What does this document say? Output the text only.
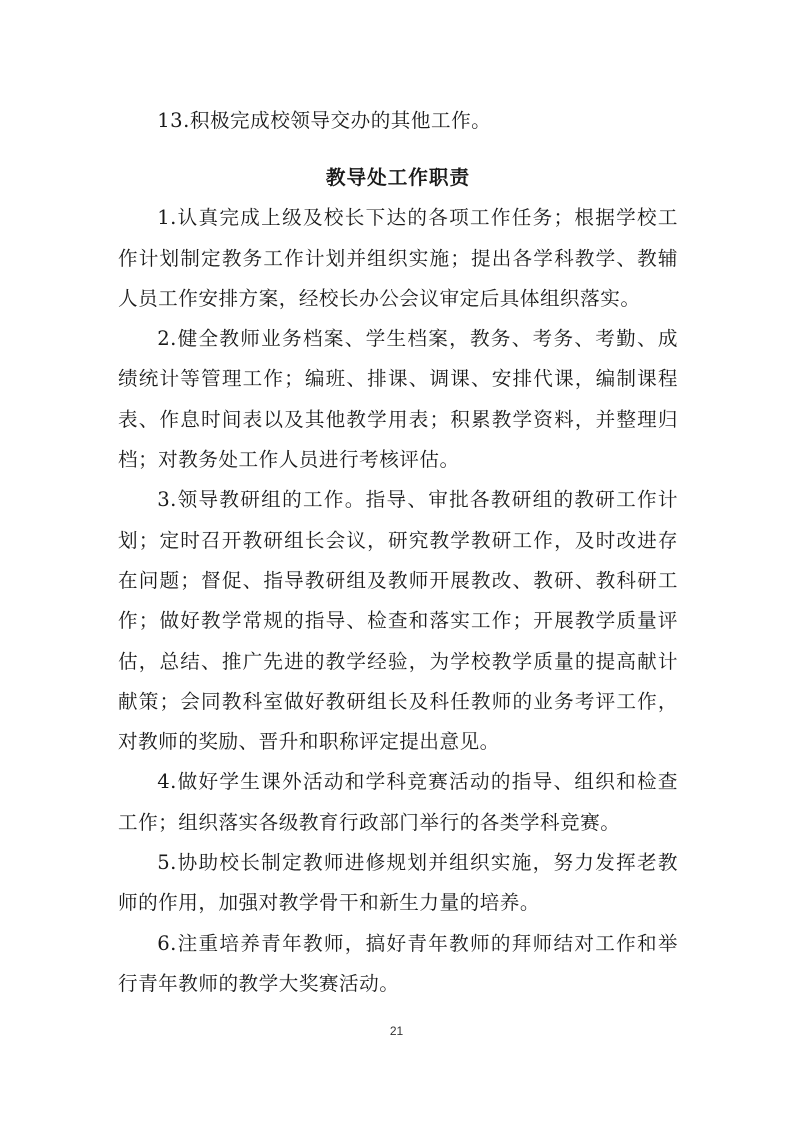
13.积极完成校领导交办的其他工作。

教导处工作职责

1.认真完成上级及校长下达的各项工作任务；根据学校工作计划制定教务工作计划并组织实施；提出各学科教学、教辅人员工作安排方案，经校长办公会议审定后具体组织落实。

2.健全教师业务档案、学生档案，教务、考务、考勤、成绩统计等管理工作；编班、排课、调课、安排代课，编制课程表、作息时间表以及其他教学用表；积累教学资料，并整理归档；对教务处工作人员进行考核评估。

3.领导教研组的工作。指导、审批各教研组的教研工作计划；定时召开教研组长会议，研究教学教研工作，及时改进存在问题；督促、指导教研组及教师开展教改、教研、教科研工作；做好教学常规的指导、检查和落实工作；开展教学质量评估，总结、推广先进的教学经验，为学校教学质量的提高献计献策；会同教科室做好教研组长及科任教师的业务考评工作，对教师的奖励、晋升和职称评定提出意见。

4.做好学生课外活动和学科竞赛活动的指导、组织和检查工作；组织落实各级教育行政部门举行的各类学科竞赛。

5.协助校长制定教师进修规划并组织实施，努力发挥老教师的作用，加强对教学骨干和新生力量的培养。

6.注重培养青年教师，搞好青年教师的拜师结对工作和举行青年教师的教学大奖赛活动。

21
